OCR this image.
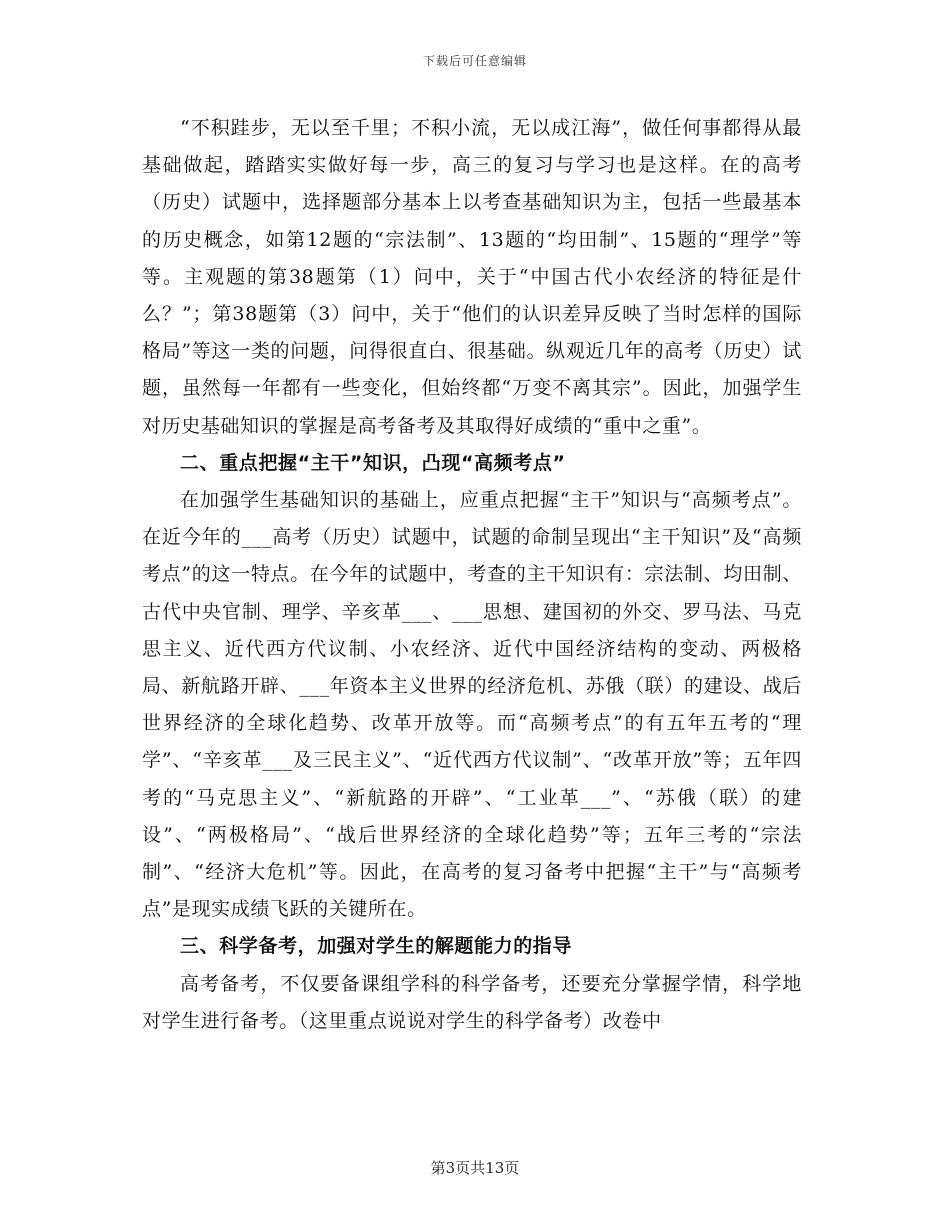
下载后可任意编辑

“不积跬步，无以至千里；不积小流，无以成江海”，做任何事都得从最基础做起，踏踏实实做好每一步，高三的复习与学习也是这样。在的高考（历史）试题中，选择题部分基本上以考查基础知识为主，包括一些最基本的历史概念，如第12题的“宗法制”、13题的“均田制”、15题的“理学”等等。主观题的第38题第（1）问中，关于“中国古代小农经济的特征是什么？”；第38题第（3）问中，关于“他们的认识差异反映了当时怎样的国际格局”等这一类的问题，问得很直白、很基础。纵观近几年的高考（历史）试题，虽然每一年都有一些变化，但始终都“万变不离其宗”。因此，加强学生对历史基础知识的掌握是高考备考及其取得好成绩的“重中之重”。

二、重点把握“主干”知识，凸现“高频考点”

在加强学生基础知识的基础上，应重点把握“主干”知识与“高频考点”。在近今年的___高考（历史）试题中，试题的命制呈现出“主干知识”及“高频考点”的这一特点。在今年的试题中，考查的主干知识有：宗法制、均田制、古代中央官制、理学、辛亥革___、___思想、建国初的外交、罗马法、马克思主义、近代西方代议制、小农经济、近代中国经济结构的变动、两极格局、新航路开辟、___年资本主义世界的经济危机、苏俄（联）的建设、战后世界经济的全球化趋势、改革开放等。而“高频考点”的有五年五考的“理学”、“辛亥革___及三民主义”、“近代西方代议制”、“改革开放”等；五年四考的“马克思主义”、“新航路的开辟”、“工业革___”、“苏俄（联）的建设”、“两极格局”、“战后世界经济的全球化趋势”等；五年三考的“宗法制”、“经济大危机”等。因此，在高考的复习备考中把握“主干”与“高频考点”是现实成绩飞跃的关键所在。

三、科学备考，加强对学生的解题能力的指导

高考备考，不仅要备课组学科的科学备考，还要充分掌握学情，科学地对学生进行备考。（这里重点说说对学生的科学备考）改卷中

第3页共13页
